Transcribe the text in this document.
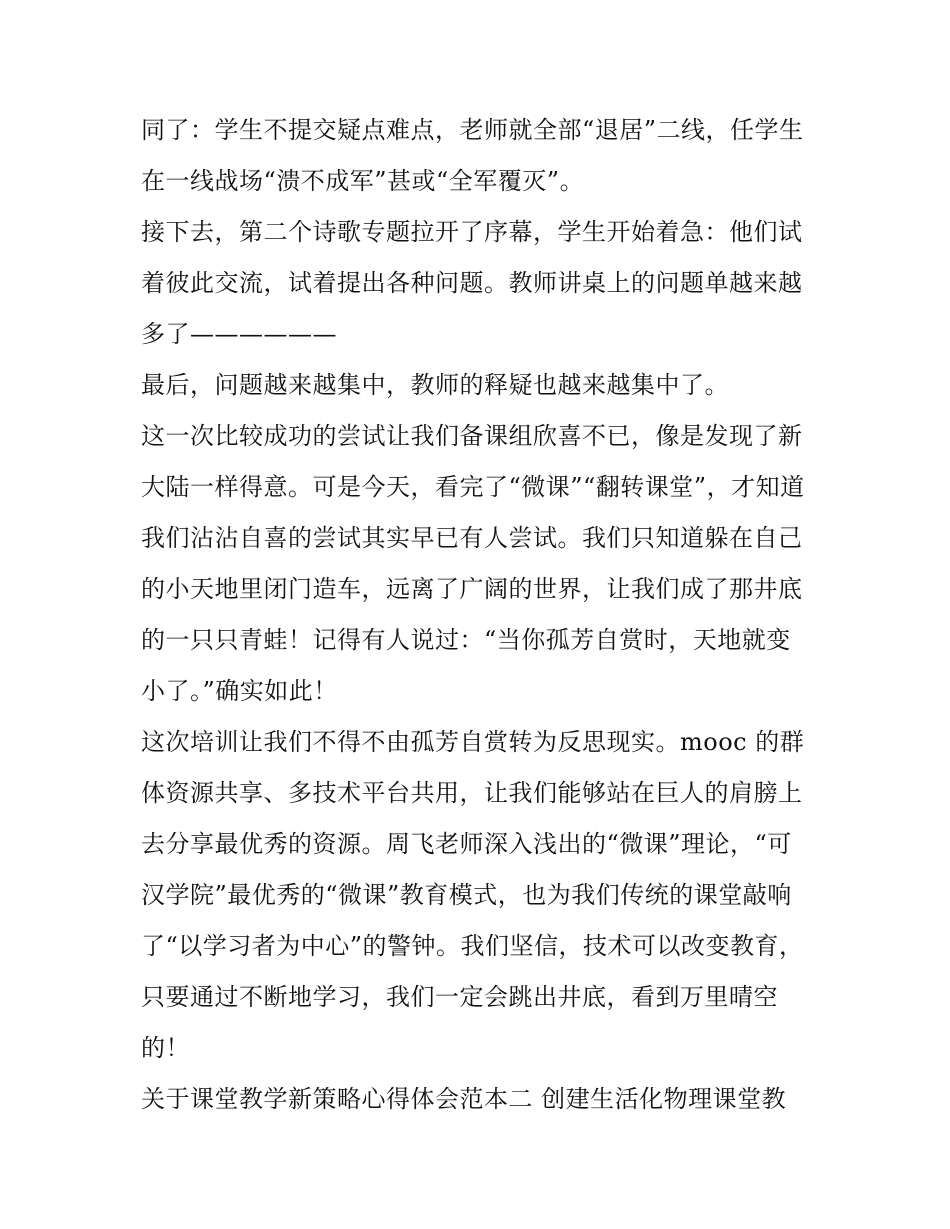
同了：学生不提交疑点难点，老师就全部“退居”二线，任学生
在一线战场“溃不成军”甚或“全军覆灭”。
接下去，第二个诗歌专题拉开了序幕，学生开始着急：他们试
着彼此交流，试着提出各种问题。教师讲桌上的问题单越来越
多了——————
最后，问题越来越集中，教师的释疑也越来越集中了。
这一次比较成功的尝试让我们备课组欣喜不已，像是发现了新
大陆一样得意。可是今天，看完了“微课”“翻转课堂”，才知道
我们沾沾自喜的尝试其实早已有人尝试。我们只知道躲在自己
的小天地里闭门造车，远离了广阔的世界，让我们成了那井底
的一只只青蛙！记得有人说过：“当你孤芳自赏时，天地就变
小了。”确实如此！
这次培训让我们不得不由孤芳自赏转为反思现实。mooc 的群
体资源共享、多技术平台共用，让我们能够站在巨人的肩膀上
去分享最优秀的资源。周飞老师深入浅出的“微课”理论，“可
汉学院”最优秀的“微课”教育模式，也为我们传统的课堂敲响
了“以学习者为中心”的警钟。我们坚信，技术可以改变教育，
只要通过不断地学习，我们一定会跳出井底，看到万里晴空
的！
关于课堂教学新策略心得体会范本二 创建生活化物理课堂教
